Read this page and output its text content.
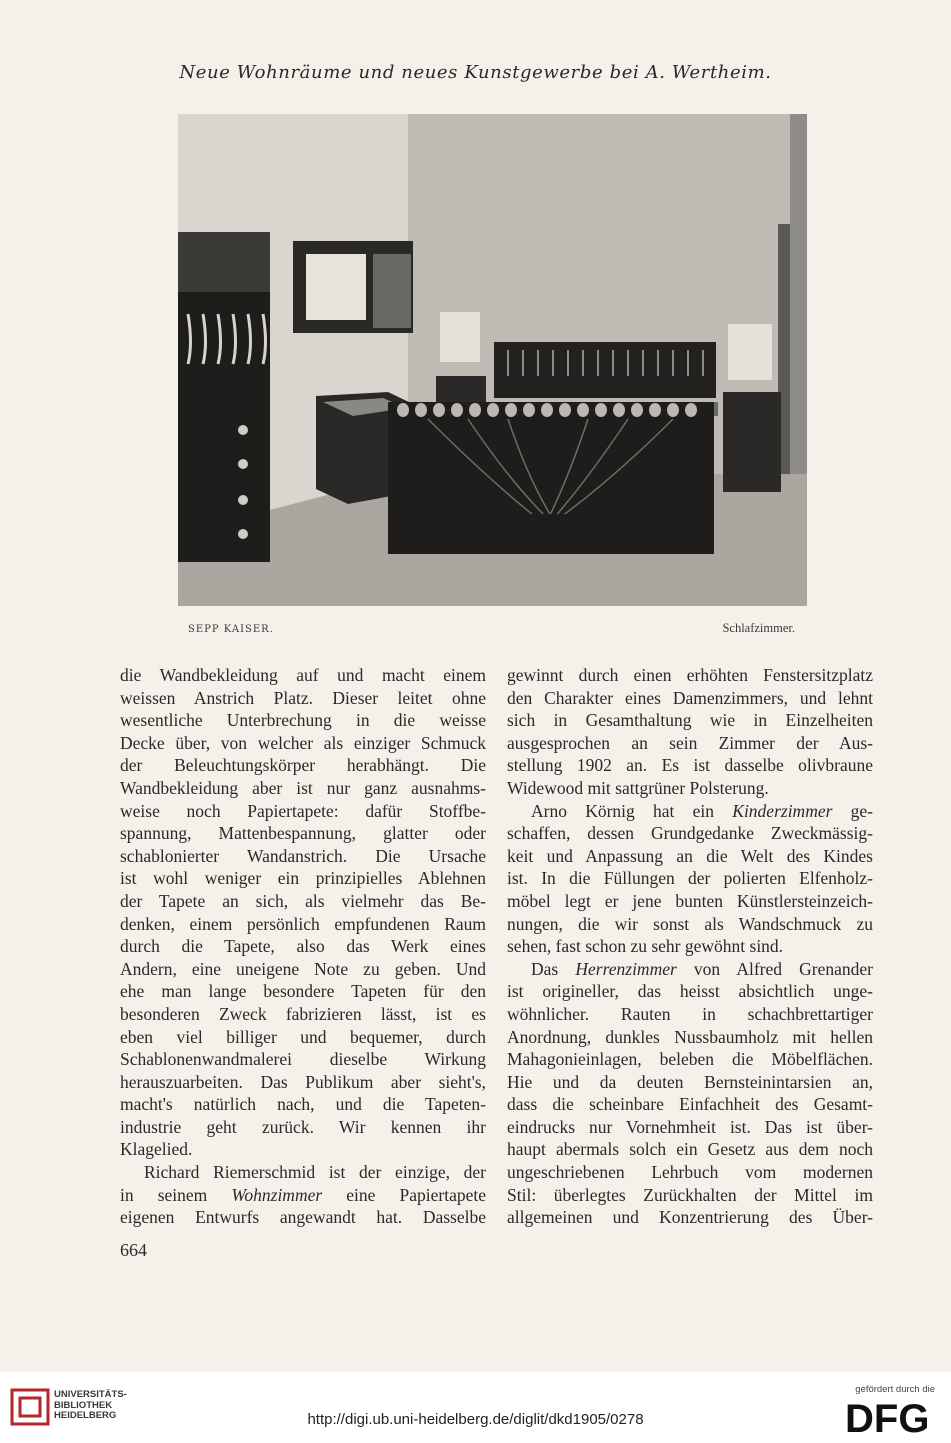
Neue Wohnräume und neues Kunstgewerbe bei A. Wertheim.
SEPP KAISER.	Schlafzimmer.
die Wandbekleidung auf und macht einem
weissen Anstrich Platz. Dieser leitet ohne
wesentliche Unterbrechung in die weisse
Decke über, von welcher als einziger Schmuck
der Beleuchtungskörper herabhängt. Die
Wandbekleidung aber ist nur ganz ausnahms-
weise noch Papiertapete: dafür Stoffbe-
spannung, Mattenbespannung, glatter oder
schablonierter Wandanstrich. Die Ursache
ist wohl weniger ein prinzipielles Ablehnen
der Tapete an sich, als vielmehr das Be-
denken, einem persönlich empfundenen Raum
durch die Tapete, also das Werk eines
Andern, eine uneigene Note zu geben. Und
ehe man lange besondere Tapeten für den
besonderen Zweck fabrizieren lässt, ist es
eben viel billiger und bequemer, durch
Schablonenwandmalerei dieselbe Wirkung
herauszuarbeiten. Das Publikum aber sieht's,
macht's natürlich nach, und die Tapeten-
industrie geht zurück. Wir kennen ihr
Klagelied.
Richard Riemerschmid ist der einzige, der
in seinem Wohnzimmer eine Papiertapete
eigenen Entwurfs angewandt hat. Dasselbe
gewinnt durch einen erhöhten Fenstersitzplatz
den Charakter eines Damenzimmers, und lehnt
sich in Gesamthaltung wie in Einzelheiten
ausgesprochen an sein Zimmer der Aus-
stellung 1902 an. Es ist dasselbe olivbraune
Widewood mit sattgrüner Polsterung.
Arno Körnig hat ein Kinderzimmer ge-
schaffen, dessen Grundgedanke Zweckmässig-
keit und Anpassung an die Welt des Kindes
ist. In die Füllungen der polierten Elfenholz-
möbel legt er jene bunten Künstlersteinzeich-
nungen, die wir sonst als Wandschmuck zu
sehen, fast schon zu sehr gewöhnt sind.
Das Herrenzimmer von Alfred Grenander
ist origineller, das heisst absichtlich unge-
wöhnlicher. Rauten in schachbrettartiger
Anordnung, dunkles Nussbaumholz mit hellen
Mahagonieinlagen, beleben die Möbelflächen.
Hie und da deuten Bernsteinintarsien an,
dass die scheinbare Einfachheit des Gesamt-
eindrucks nur Vornehmheit ist. Das ist über-
haupt abermals solch ein Gesetz aus dem noch
ungeschriebenen Lehrbuch vom modernen
Stil: überlegtes Zurückhalten der Mittel im
allgemeinen und Konzentrierung des Über-
664
UNIVERSITÄTS-
BIBLIOTHEK
HEIDELBERG	http://digi.ub.uni-heidelberg.de/diglit/dkd1905/0278
gefördert durch die
DFG
